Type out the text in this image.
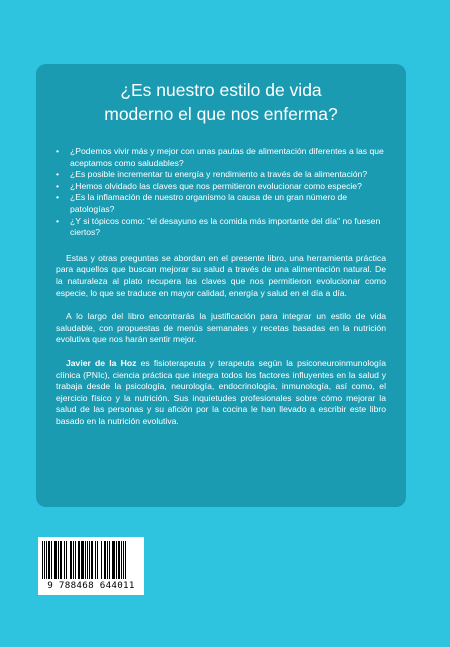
¿Es nuestro estilo de vida
moderno el que nos enferma?
• ¿Podemos vivir más y mejor con unas pautas de alimentación diferentes a las que aceptamos como saludables?
• ¿Es posible incrementar tu energía y rendimiento a través de la alimentación?
• ¿Hemos olvidado las claves que nos permitieron evolucionar como especie?
• ¿Es la inflamación de nuestro organismo la causa de un gran número de patologías?
• ¿Y si tópicos como: "el desayuno es la comida más importante del día" no fuesen ciertos?

Estas y otras preguntas se abordan en el presente libro, una herramienta práctica para aquellos que buscan mejorar su salud a través de una alimentación natural. De la naturaleza al plato recupera las claves que nos permitieron evolucionar como especie, lo que se traduce en mayor calidad, energía y salud en el día a día.

A lo largo del libro encontrarás la justificación para integrar un estilo de vida saludable, con propuestas de menús semanales y recetas basadas en la nutrición evolutiva que nos harán sentir mejor.

Javier de la Hoz es fisioterapeuta y terapeuta según la psiconeuroinmunología clínica (PNIc), ciencia práctica que integra todos los factores influyentes en la salud y trabaja desde la psicología, neurología, endocrinología, inmunología, así como, el ejercicio físico y la nutrición. Sus inquietudes profesionales sobre cómo mejorar la salud de las personas y su afición por la cocina le han llevado a escribir este libro basado en la nutrición evolutiva.

9 788468 644011
